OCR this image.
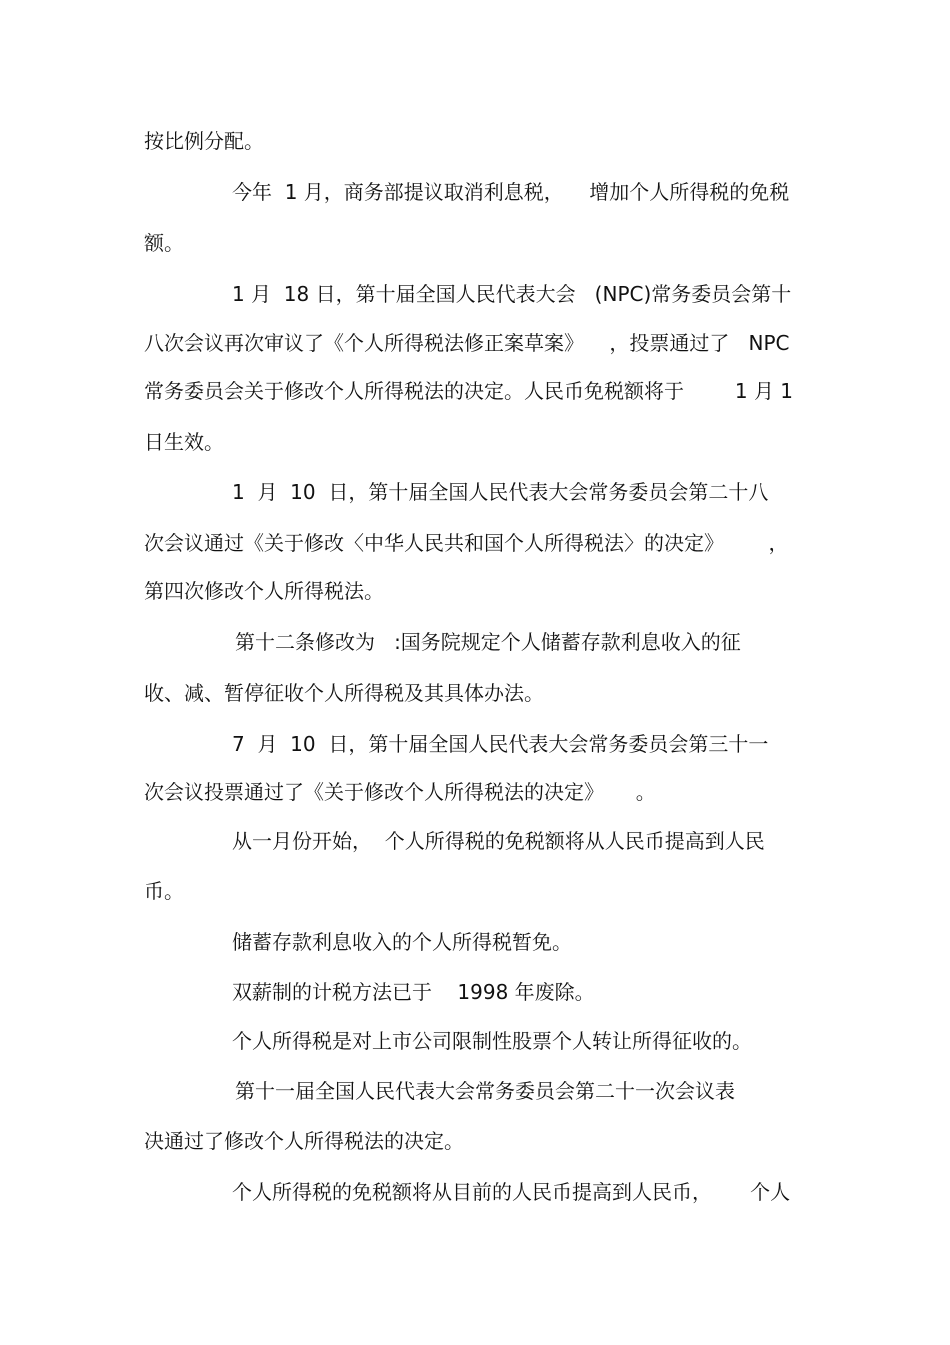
按比例分配。
今年  1 月，商务部提议取消利息税，    增加个人所得税的免税
额。
1 月  18 日，第十届全国人民代表大会   (NPC)常务委员会第十
八次会议再次审议了《个人所得税法修正案草案》    ，投票通过了   NPC
常务委员会关于修改个人所得税法的决定。人民币免税额将于        1 月 1
日生效。
1  月  10  日，第十届全国人民代表大会常务委员会第二十八
次会议通过《关于修改〈中华人民共和国个人所得税法〉的决定》       ，
第四次修改个人所得税法。
第十二条修改为   :国务院规定个人储蓄存款利息收入的征
收、减、暂停征收个人所得税及其具体办法。
7  月  10  日，第十届全国人民代表大会常务委员会第三十一
次会议投票通过了《关于修改个人所得税法的决定》     。
从一月份开始，  个人所得税的免税额将从人民币提高到人民
币。
储蓄存款利息收入的个人所得税暂免。
双薪制的计税方法已于    1998 年废除。
个人所得税是对上市公司限制性股票个人转让所得征收的。
第十一届全国人民代表大会常务委员会第二十一次会议表
决通过了修改个人所得税法的决定。
个人所得税的免税额将从目前的人民币提高到人民币，      个人
